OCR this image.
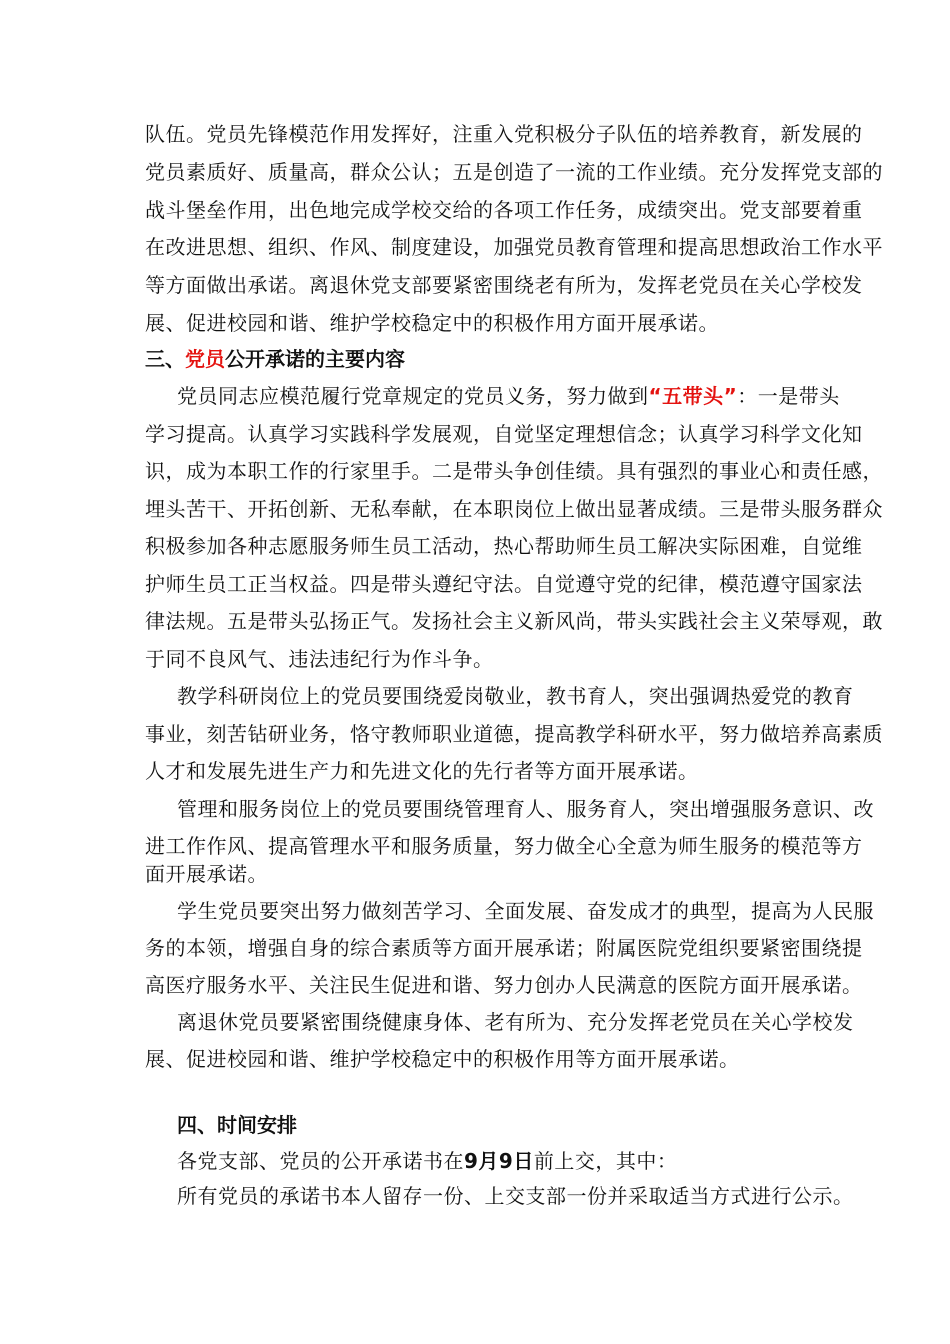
队伍。党员先锋模范作用发挥好，注重入党积极分子队伍的培养教育，新发展的
党员素质好、质量高，群众公认；五是创造了一流的工作业绩。充分发挥党支部的
战斗堡垒作用，出色地完成学校交给的各项工作任务，成绩突出。党支部要着重
在改进思想、组织、作风、制度建设，加强党员教育管理和提高思想政治工作水平
等方面做出承诺。离退休党支部要紧密围绕老有所为，发挥老党员在关心学校发
展、促进校园和谐、维护学校稳定中的积极作用方面开展承诺。
三、党员公开承诺的主要内容
党员同志应模范履行党章规定的党员义务，努力做到“五带头”：一是带头
学习提高。认真学习实践科学发展观，自觉坚定理想信念；认真学习科学文化知
识，成为本职工作的行家里手。二是带头争创佳绩。具有强烈的事业心和责任感，
埋头苦干、开拓创新、无私奉献，在本职岗位上做出显著成绩。三是带头服务群众
积极参加各种志愿服务师生员工活动，热心帮助师生员工解决实际困难，自觉维
护师生员工正当权益。四是带头遵纪守法。自觉遵守党的纪律，模范遵守国家法
律法规。五是带头弘扬正气。发扬社会主义新风尚，带头实践社会主义荣辱观，敢
于同不良风气、违法违纪行为作斗争。
教学科研岗位上的党员要围绕爱岗敬业，教书育人，突出强调热爱党的教育
事业，刻苦钻研业务，恪守教师职业道德，提高教学科研水平，努力做培养高素质
人才和发展先进生产力和先进文化的先行者等方面开展承诺。
管理和服务岗位上的党员要围绕管理育人、服务育人，突出增强服务意识、改
进工作作风、提高管理水平和服务质量，努力做全心全意为师生服务的模范等方
面开展承诺。
学生党员要突出努力做刻苦学习、全面发展、奋发成才的典型，提高为人民服
务的本领，增强自身的综合素质等方面开展承诺；附属医院党组织要紧密围绕提
高医疗服务水平、关注民生促进和谐、努力创办人民满意的医院方面开展承诺。
离退休党员要紧密围绕健康身体、老有所为、充分发挥老党员在关心学校发
展、促进校园和谐、维护学校稳定中的积极作用等方面开展承诺。
四、时间安排
各党支部、党员的公开承诺书在9月9日前上交，其中：
所有党员的承诺书本人留存一份、上交支部一份并采取适当方式进行公示。
